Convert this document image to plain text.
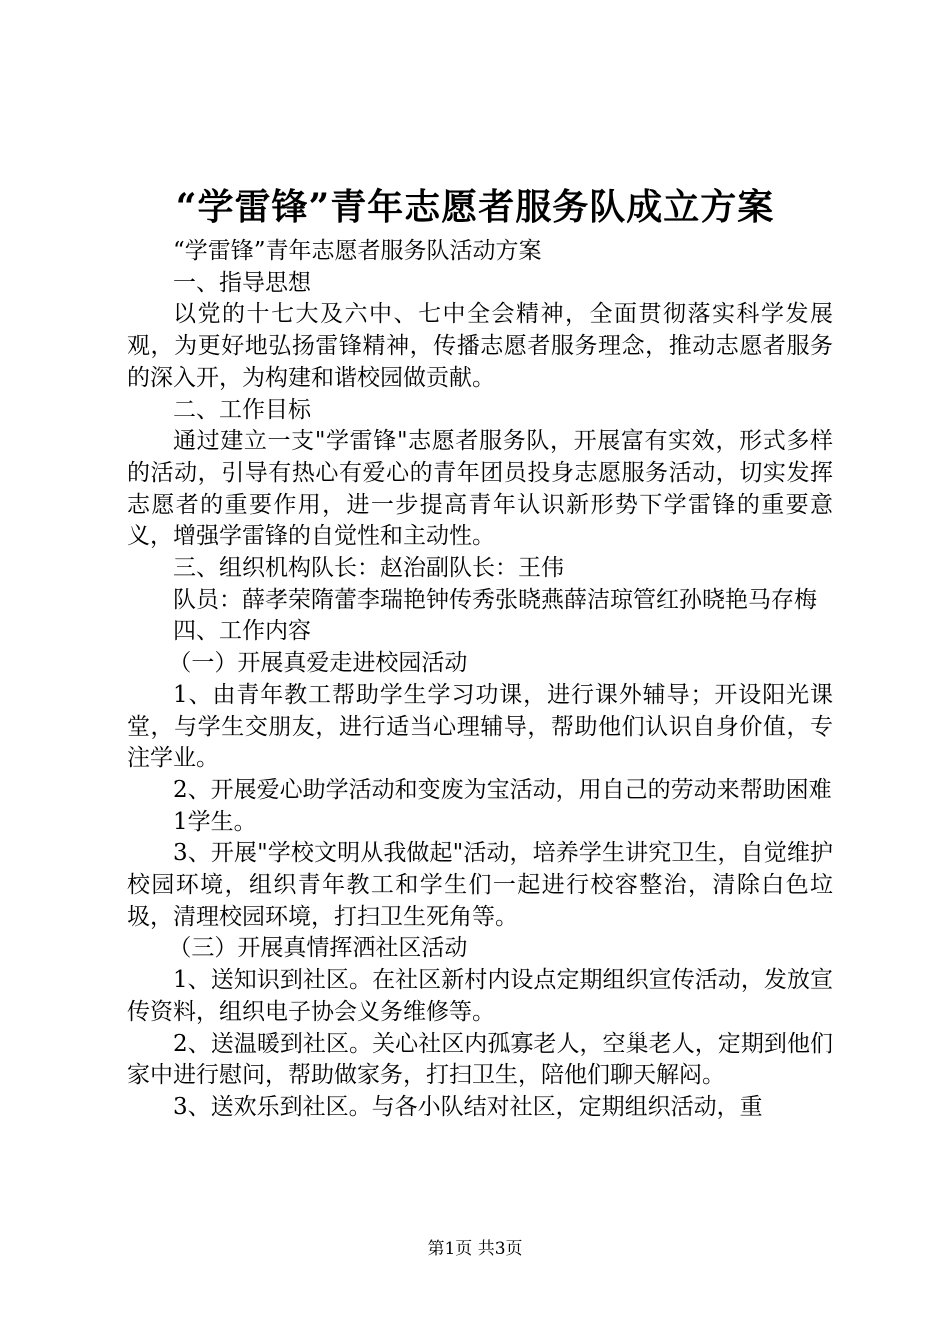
“学雷锋”青年志愿者服务队成立方案

“学雷锋”青年志愿者服务队活动方案

一、指导思想

以党的十七大及六中、七中全会精神，全面贯彻落实科学发展观，为更好地弘扬雷锋精神，传播志愿者服务理念，推动志愿者服务的深入开，为构建和谐校园做贡献。

二、工作目标

通过建立一支"学雷锋"志愿者服务队，开展富有实效，形式多样的活动，引导有热心有爱心的青年团员投身志愿服务活动，切实发挥志愿者的重要作用，进一步提高青年认识新形势下学雷锋的重要意义，增强学雷锋的自觉性和主动性。

三、组织机构队长：赵治副队长：王伟

队员：薛孝荣隋蕾李瑞艳钟传秀张晓燕薛洁琼管红孙晓艳马存梅

四、工作内容

（一）开展真爱走进校园活动

1、由青年教工帮助学生学习功课，进行课外辅导；开设阳光课堂，与学生交朋友，进行适当心理辅导，帮助他们认识自身价值，专注学业。

2、开展爱心助学活动和变废为宝活动，用自己的劳动来帮助困难

1学生。

3、开展"学校文明从我做起"活动，培养学生讲究卫生，自觉维护校园环境，组织青年教工和学生们一起进行校容整治，清除白色垃圾，清理校园环境，打扫卫生死角等。

（三）开展真情挥洒社区活动

1、送知识到社区。在社区新村内设点定期组织宣传活动，发放宣传资料，组织电子协会义务维修等。

2、送温暖到社区。关心社区内孤寡老人，空巢老人，定期到他们家中进行慰问，帮助做家务，打扫卫生，陪他们聊天解闷。

3、送欢乐到社区。与各小队结对社区，定期组织活动，重

第1页 共3页
